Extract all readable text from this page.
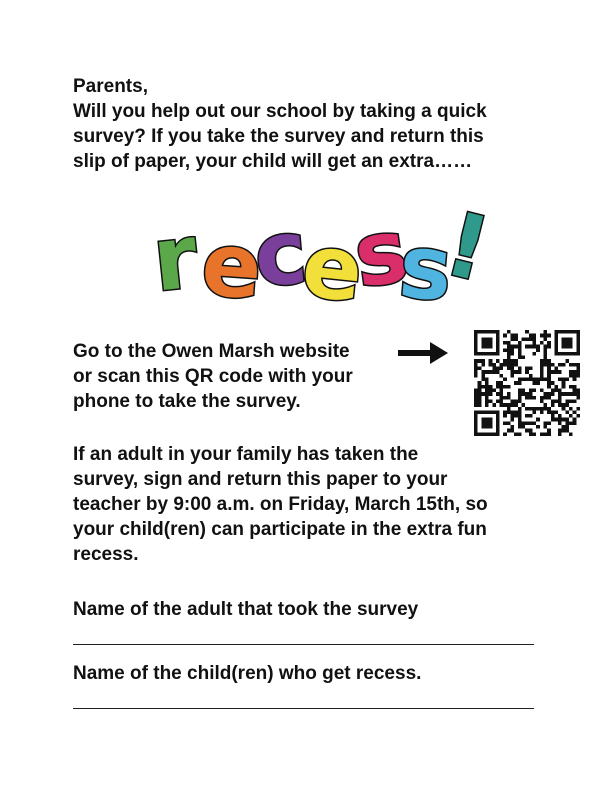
Parents,
Will you help out our school by taking a quick
survey? If you take the survey and return this
slip of paper, your child will get an extra……

r
e
c
e
s
s
!

Go to the Owen Marsh website
or scan this QR code with your
phone to take the survey.

If an adult in your family has taken the
survey, sign and return this paper to your
teacher by 9:00 a.m. on Friday, March 15th, so
your child(ren) can participate in the extra fun
recess.

Name of the adult that took the survey

Name of the child(ren) who get recess.
